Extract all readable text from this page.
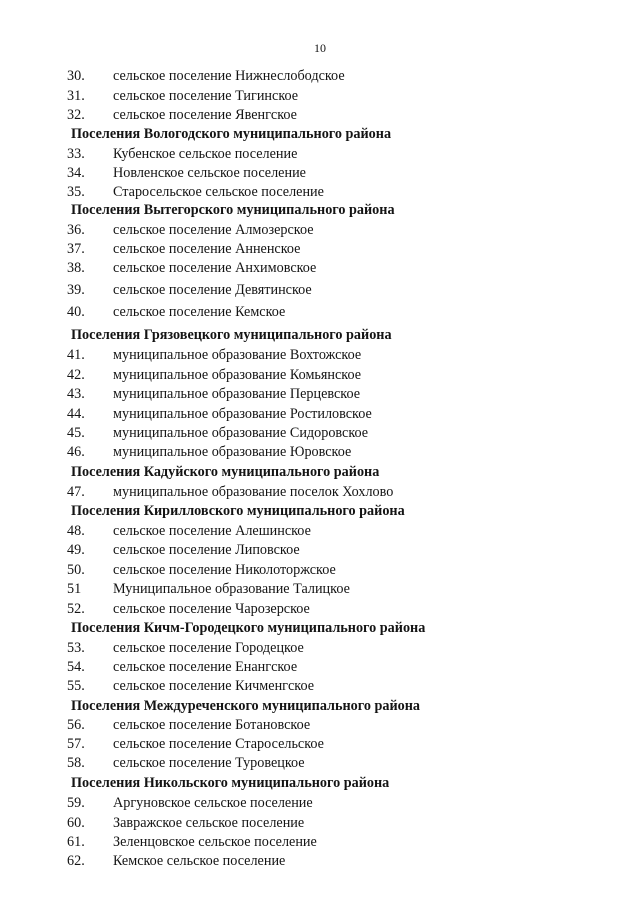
10
30. сельское поселение Нижнеслободское
31. сельское поселение Тигинское
32. сельское поселение Явенгское
Поселения Вологодского муниципального района
33. Кубенское сельское поселение
34. Новленское сельское поселение
35. Старосельское сельское поселение
Поселения Вытегорского муниципального района
36. сельское поселение Алмозерское
37. сельское поселение Анненское
38. сельское поселение Анхимовское
39. сельское поселение Девятинское
40. сельское поселение Кемское
Поселения Грязовецкого муниципального района
41. муниципальное образование Вохтожское
42. муниципальное образование Комьянское
43. муниципальное образование Перцевское
44. муниципальное образование Ростиловское
45. муниципальное образование Сидоровское
46. муниципальное образование Юровское
Поселения Кадуйского муниципального района
47. муниципальное образование поселок Хохлово
Поселения Кирилловского муниципального района
48. сельское поселение Алешинское
49. сельское поселение Липовское
50. сельское поселение Николоторжское
51 Муниципальное образование Талицкое
52. сельское поселение Чарозерское
Поселения Кичм-Городецкого муниципального района
53. сельское поселение Городецкое
54. сельское поселение Енангское
55. сельское поселение Кичменгское
Поселения Междуреченского муниципального района
56. сельское поселение Ботановское
57. сельское поселение Старосельское
58. сельское поселение Туровецкое
Поселения Никольского муниципального района
59. Аргуновское сельское поселение
60. Завражское сельское поселение
61. Зеленцовское сельское поселение
62. Кемское сельское поселение
